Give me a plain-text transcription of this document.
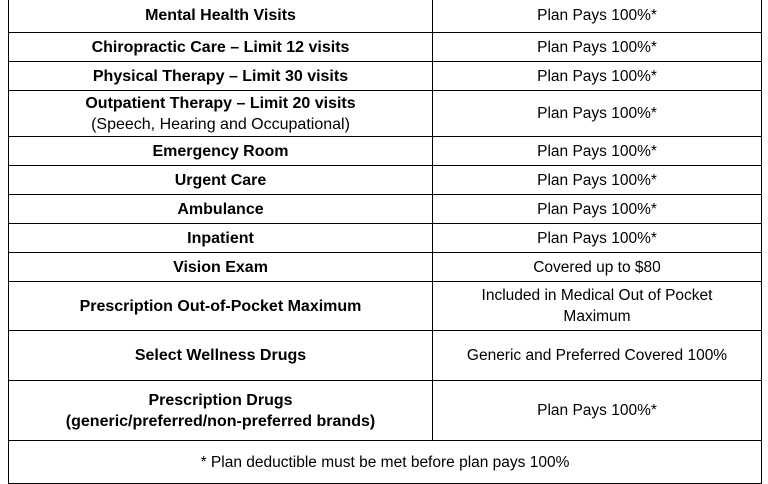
Mental Health Visits	Plan Pays 100%*
Chiropractic Care – Limit 12 visits	Plan Pays 100%*
Physical Therapy – Limit 30 visits	Plan Pays 100%*

Outpatient Therapy – Limit 20 visits
(Speech, Hearing and Occupational)	Plan Pays 100%*
Emergency Room	Plan Pays 100%*
Urgent Care	Plan Pays 100%*
Ambulance	Plan Pays 100%*
Inpatient	Plan Pays 100%*
Vision Exam	Covered up to $80
Prescription Out-of-Pocket Maximum	Included in Medical Out of Pocket
Maximum

Select Wellness Drugs	Generic and Preferred Covered 100%

Prescription Drugs
(generic/preferred/non-preferred brands)	Plan Pays 100%*
* Plan deductible must be met before plan pays 100%	
